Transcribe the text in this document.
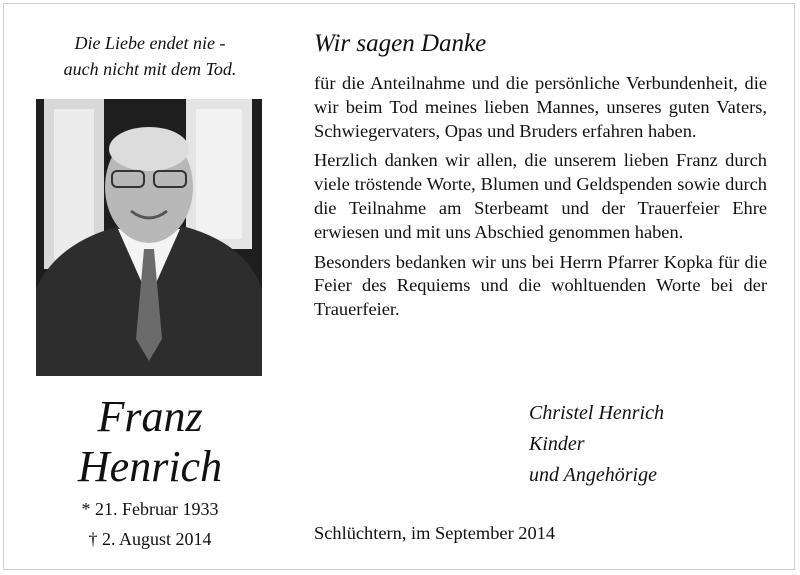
Die Liebe endet nie -
auch nicht mit dem Tod.
Franz
Henrich
* 21. Februar 1933
† 2. August 2014
Wir sagen Danke

für die Anteilnahme und die persönliche Verbundenheit, die wir beim Tod meines lieben Mannes, unseres guten Vaters, Schwiegervaters, Opas und Bruders erfahren haben.

Herzlich danken wir allen, die unserem lieben Franz durch viele tröstende Worte, Blumen und Geldspenden sowie durch die Teilnahme am Sterbeamt und der Trauerfeier Ehre erwiesen und mit uns Abschied genommen haben.

Besonders bedanken wir uns bei Herrn Pfarrer Kopka für die Feier des Requiems und die wohltuenden Worte bei der Trauerfeier.

Christel Henrich
Kinder
und Angehörige
Schlüchtern, im September 2014
